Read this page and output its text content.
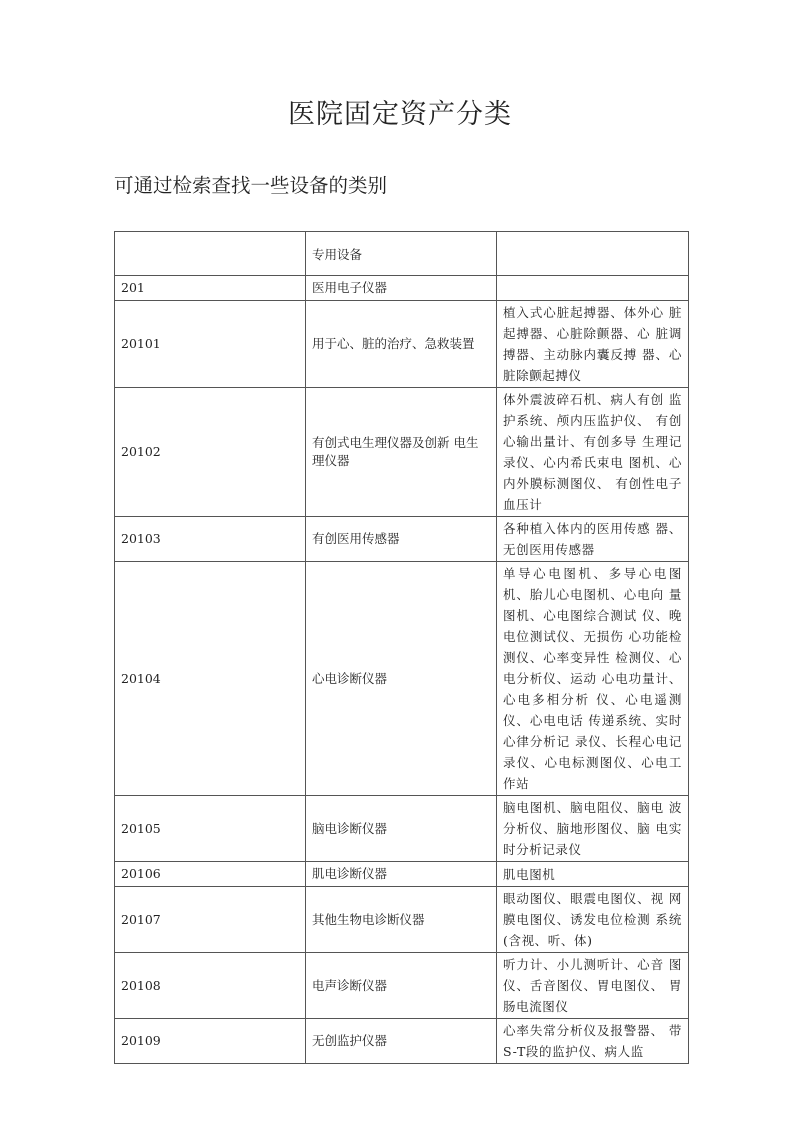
医院固定资产分类
可通过检索查找一些设备的类别
	专用设备	
201	医用电子仪器	
20101	用于心、脏的治疗、急救装置	植入式心脏起搏器、体外心 脏起搏器、心脏除颤器、心 脏调搏器、主动脉内囊反搏 器、心脏除颤起搏仪
20102	有创式电生理仪器及创新 电生理仪器	体外震波碎石机、病人有创 监护系统、颅内压监护仪、 有创心输出量计、有创多导 生理记录仪、心内希氏束电 图机、心内外膜标测图仪、 有创性电子血压计
20103	有创医用传感器	各种植入体内的医用传感 器、无创医用传感器
20104	心电诊断仪器	单导心电图机、多导心电图 机、胎儿心电图机、心电向 量图机、心电图综合测试 仪、晚电位测试仪、无损伤 心功能检测仪、心率变异性 检测仪、心电分析仪、运动 心电功量计、心电多相分析 仪、心电遥测仪、心电电话 传递系统、实时心律分析记 录仪、长程心电记录仪、心电标测图仪、心电工作站
20105	脑电诊断仪器	脑电图机、脑电阻仪、脑电 波分析仪、脑地形图仪、脑 电实时分析记录仪
20106	肌电诊断仪器	肌电图机
20107	其他生物电诊断仪器	眼动图仪、眼震电图仪、视 网膜电图仪、诱发电位检测 系统(含视、听、体)
20108	电声诊断仪器	听力计、小儿测听计、心音 图仪、舌音图仪、胃电图仪、 胃肠电流图仪
20109	无创监护仪器	心率失常分析仪及报警器、 带S-T段的监护仪、病人监
